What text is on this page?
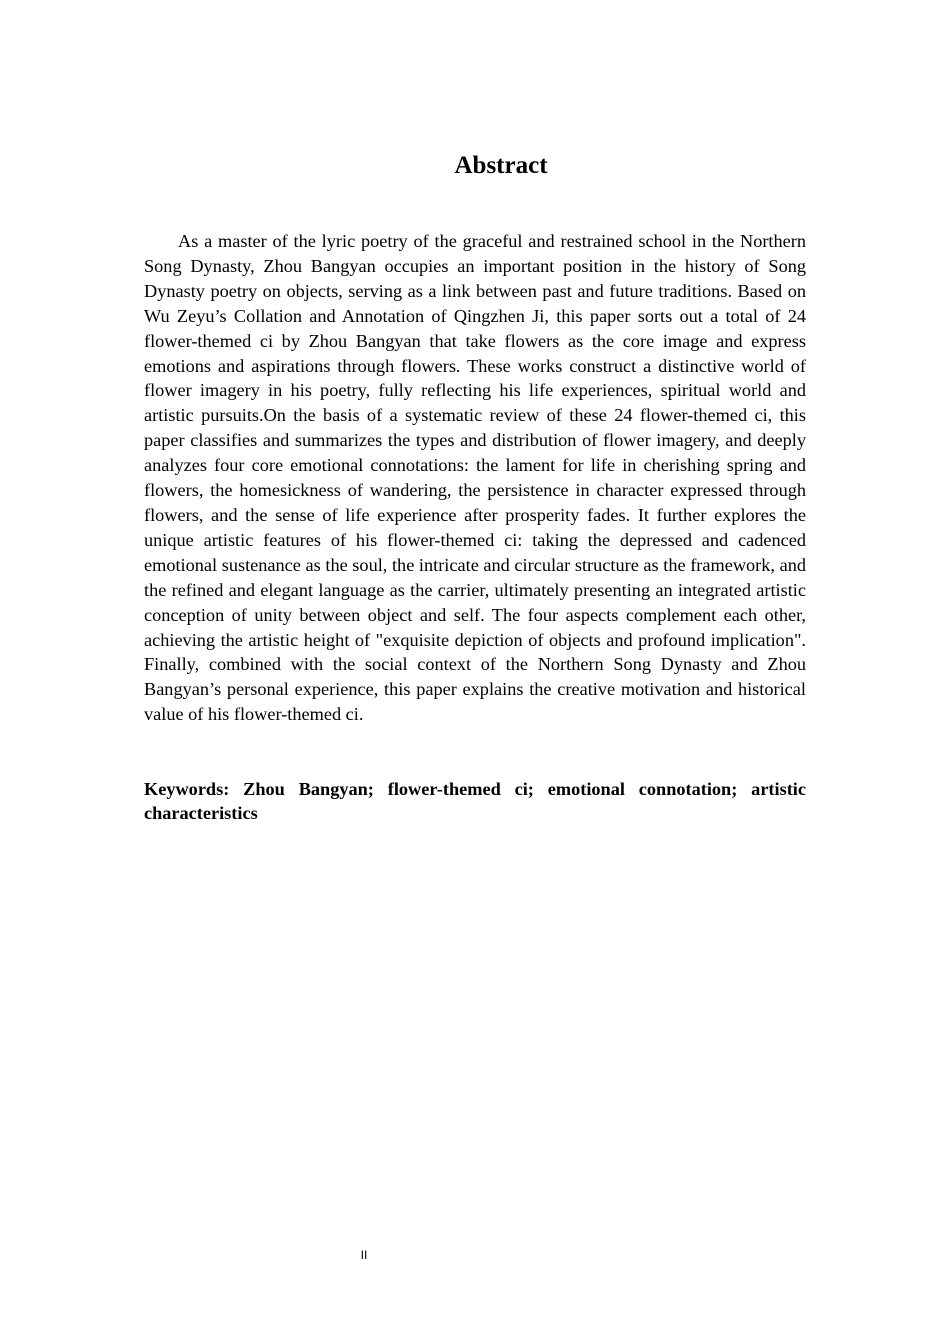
Abstract

As a master of the lyric poetry of the graceful and restrained school in the Northern Song Dynasty, Zhou Bangyan occupies an important position in the history of Song Dynasty poetry on objects, serving as a link between past and future traditions. Based on Wu Zeyu’s Collation and Annotation of Qingzhen Ji, this paper sorts out a total of 24 flower-themed ci by Zhou Bangyan that take flowers as the core image and express emotions and aspirations through flowers. These works construct a distinctive world of flower imagery in his poetry, fully reflecting his life experiences, spiritual world and artistic pursuits.On the basis of a systematic review of these 24 flower-themed ci, this paper classifies and summarizes the types and distribution of flower imagery, and deeply analyzes four core emotional connotations: the lament for life in cherishing spring and flowers, the homesickness of wandering, the persistence in character expressed through flowers, and the sense of life experience after prosperity fades. It further explores the unique artistic features of his flower-themed ci: taking the depressed and cadenced emotional sustenance as the soul, the intricate and circular structure as the framework, and the refined and elegant language as the carrier, ultimately presenting an integrated artistic conception of unity between object and self. The four aspects complement each other, achieving the artistic height of "exquisite depiction of objects and profound implication". Finally, combined with the social context of the Northern Song Dynasty and Zhou Bangyan’s personal experience, this paper explains the creative motivation and historical value of his flower-themed ci.

Keywords: Zhou Bangyan; flower-themed ci; emotional connotation; artistic characteristics

II
